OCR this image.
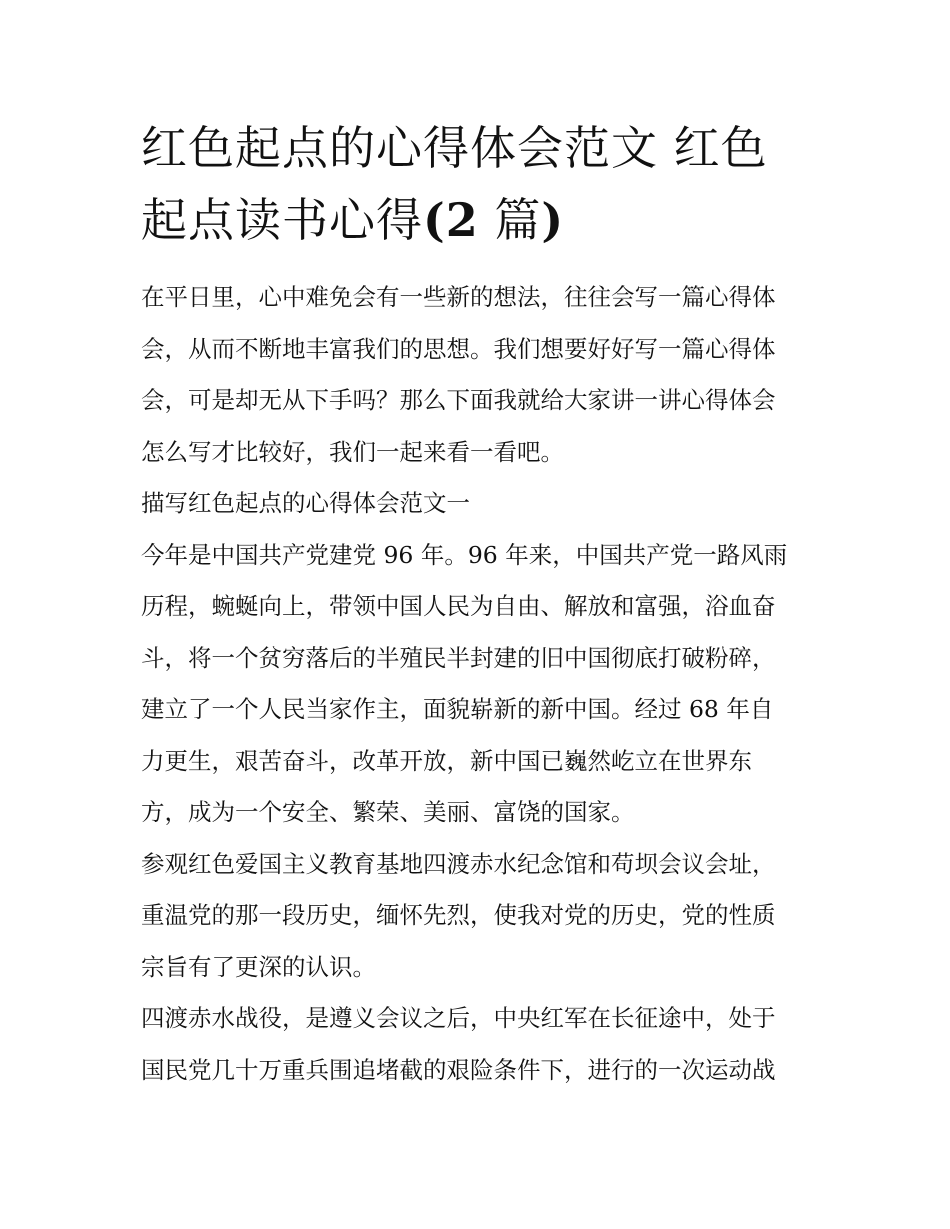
红色起点的心得体会范文 红色
起点读书心得(2 篇)

在平日里，心中难免会有一些新的想法，往往会写一篇心得体
会，从而不断地丰富我们的思想。我们想要好好写一篇心得体
会，可是却无从下手吗？那么下面我就给大家讲一讲心得体会
怎么写才比较好，我们一起来看一看吧。

描写红色起点的心得体会范文一

今年是中国共产党建党 96 年。96 年来，中国共产党一路风雨
历程，蜿蜒向上，带领中国人民为自由、解放和富强，浴血奋
斗，将一个贫穷落后的半殖民半封建的旧中国彻底打破粉碎，
建立了一个人民当家作主，面貌崭新的新中国。经过 68 年自
力更生，艰苦奋斗，改革开放，新中国已巍然屹立在世界东
方，成为一个安全、繁荣、美丽、富饶的国家。

参观红色爱国主义教育基地四渡赤水纪念馆和苟坝会议会址，
重温党的那一段历史，缅怀先烈，使我对党的历史，党的性质
宗旨有了更深的认识。

四渡赤水战役，是遵义会议之后，中央红军在长征途中，处于
国民党几十万重兵围追堵截的艰险条件下，进行的一次运动战
